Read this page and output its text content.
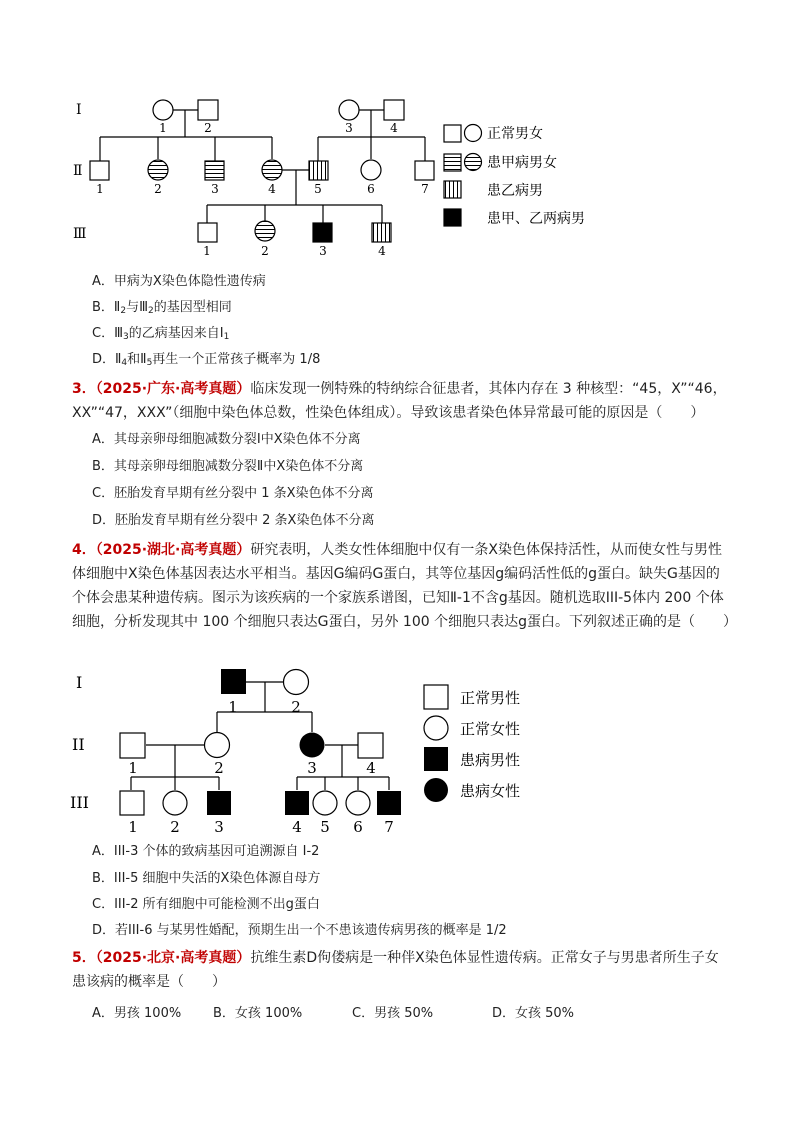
Ⅰ
Ⅱ
Ⅲ
1	2	3	4
1	2	3	4	5	6	7
1	2	3	4
正常男女
患甲病男女
患乙病男
患甲、乙两病男
A．甲病为X染色体隐性遗传病
B．$Ⅱ_2$与$Ⅲ_2$的基因型相同
C．$Ⅲ_3$的乙病基因来自$Ⅰ_1$
D．$Ⅱ_4$和$Ⅱ_5$再生一个正常孩子概率为 1/8
3．（2025·广东·高考真题）临床发现一例特殊的特纳综合征患者，其体内存在 3 种核型：“45，X”“46，XX”“47，XXX”（细胞中染色体总数，性染色体组成）。导致该患者染色体异常最可能的原因是（　　）
A．其母亲卵母细胞减数分裂Ⅰ中X染色体不分离
B．其母亲卵母细胞减数分裂Ⅱ中X染色体不分离
C．胚胎发育早期有丝分裂中 1 条X染色体不分离
D．胚胎发育早期有丝分裂中 2 条X染色体不分离
4．（2025·湖北·高考真题）研究表明，人类女性体细胞中仅有一条X染色体保持活性，从而使女性与男性体细胞中X染色体基因表达水平相当。基因G编码G蛋白，其等位基因g编码活性低的g蛋白。缺失G基因的个体会患某种遗传病。图示为该疾病的一个家族系谱图，已知Ⅱ-1不含g基因。随机选取III-5体内 200 个体细胞，分析发现其中 100 个细胞只表达G蛋白，另外 100 个细胞只表达g蛋白。下列叙述正确的是（　　）
I
II
III
1	2
1	2	3	4
1 2 3	4 5 6 7
正常男性
正常女性
患病男性
患病女性
A．III-3 个体的致病基因可追溯源自 I-2
B．III-5 细胞中失活的X染色体源自母方
C．III-2 所有细胞中可能检测不出g蛋白
D．若III-6 与某男性婚配，预期生出一个不患该遗传病男孩的概率是 1/2
5．（2025·北京·高考真题）抗维生素D佝偻病是一种伴X染色体显性遗传病。正常女子与男患者所生子女患该病的概率是（　　）
A．男孩 100% B．女孩 100%	C．男孩 50%	D．女孩 50%
